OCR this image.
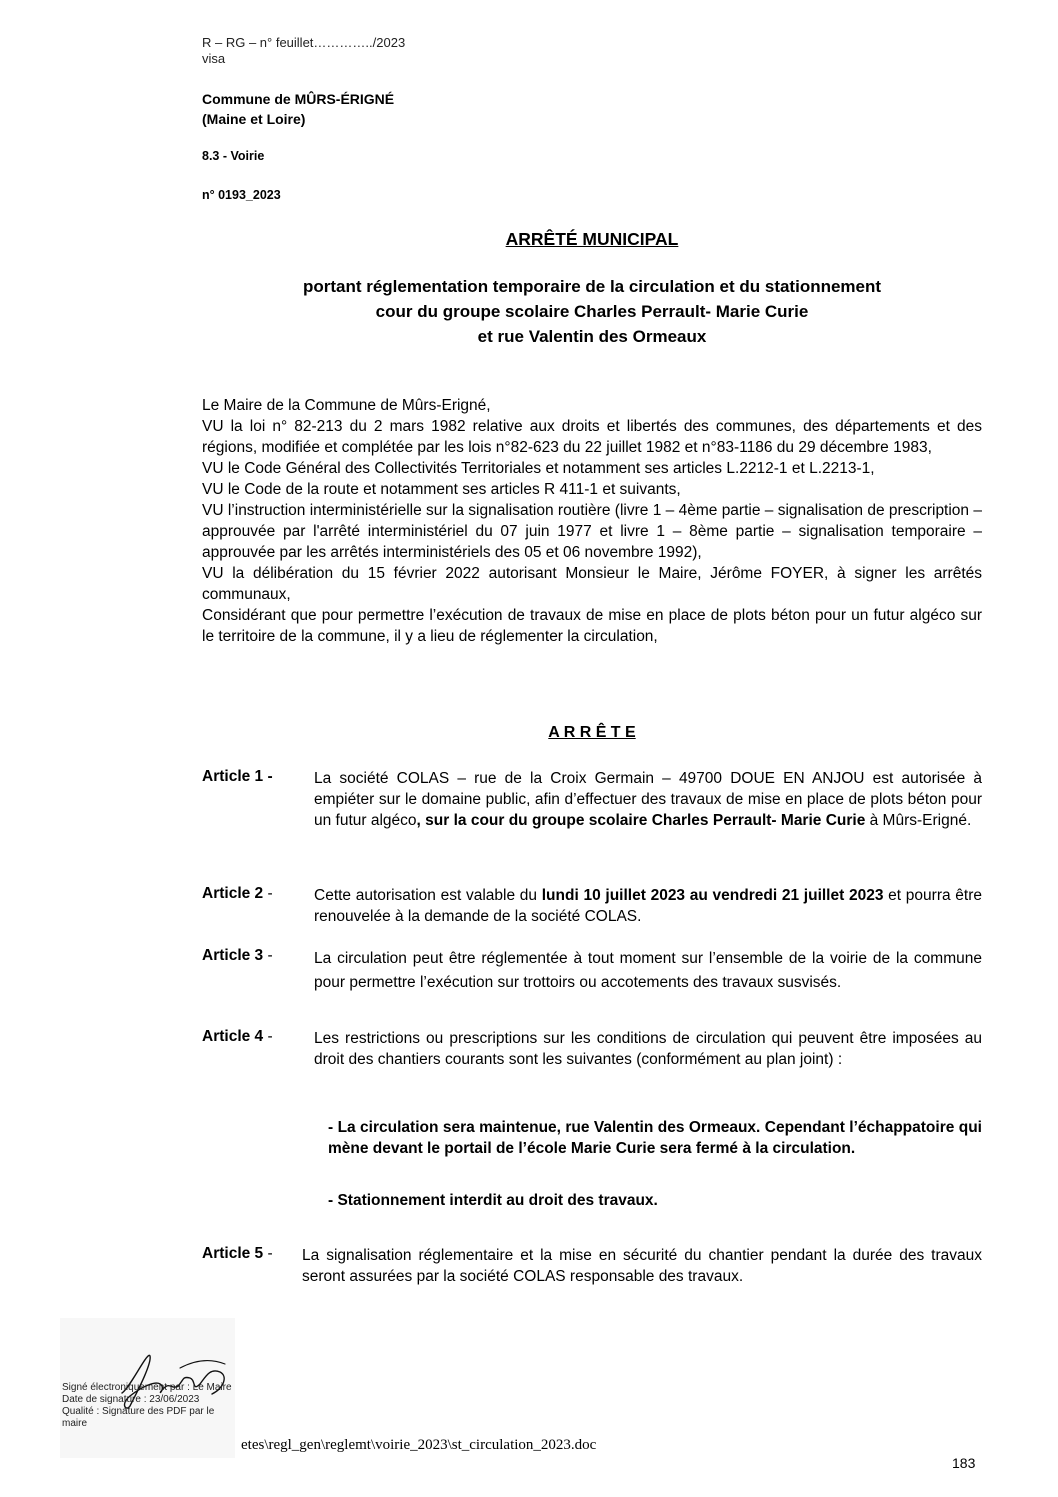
R – RG – n° feuillet…………../2023
visa
Commune de MÛRS-ÉRIGNÉ
(Maine et Loire)
8.3 - Voirie
n° 0193_2023
ARRÊTÉ MUNICIPAL
portant réglementation temporaire de la circulation et du stationnement
cour du groupe scolaire Charles Perrault- Marie Curie
et rue Valentin des Ormeaux
Le Maire de la Commune de Mûrs-Erigné,
VU la loi n° 82-213 du 2 mars 1982 relative aux droits et libertés des communes, des départements et des régions, modifiée et complétée par les lois n°82-623 du 22 juillet 1982 et n°83-1186 du 29 décembre 1983,
VU le Code Général des Collectivités Territoriales et notamment ses articles L.2212-1 et L.2213-1,
VU le Code de la route et notamment ses articles R 411-1 et suivants,
VU l’instruction interministérielle sur la signalisation routière (livre 1 – 4ème partie – signalisation de prescription – approuvée par l'arrêté interministériel du 07 juin 1977 et livre 1 – 8ème partie – signalisation temporaire – approuvée par les arrêtés interministériels des 05 et 06 novembre 1992),
VU la délibération du 15 février 2022 autorisant Monsieur le Maire, Jérôme FOYER, à signer les arrêtés communaux,
Considérant que pour permettre l’exécution de travaux de mise en place de plots béton pour un futur algéco sur le territoire de la commune, il y a lieu de réglementer la circulation,
A R R Ê T E
Article 1 -	La société COLAS – rue de la Croix Germain – 49700 DOUE EN ANJOU est autorisée à empiéter sur le domaine public, afin d’effectuer des travaux de mise en place de plots béton pour un futur algéco, sur la cour du groupe scolaire Charles Perrault- Marie Curie à Mûrs-Erigné.
Article 2 -	Cette autorisation est valable du lundi 10 juillet 2023 au vendredi 21 juillet 2023 et pourra être renouvelée à la demande de la société COLAS.
Article 3 -	La circulation peut être réglementée à tout moment sur l’ensemble de la voirie de la commune pour permettre l’exécution sur trottoirs ou accotements des travaux susvisés.
Article 4 -	Les restrictions ou prescriptions sur les conditions de circulation qui peuvent être imposées au droit des chantiers courants sont les suivantes (conformément au plan joint) :
- La circulation sera maintenue, rue Valentin des Ormeaux. Cependant l’échappatoire qui mène devant le portail de l’école Marie Curie sera fermé à la circulation.
- Stationnement interdit au droit des travaux.
Article 5 - La signalisation réglementaire et la mise en sécurité du chantier pendant la durée des travaux seront assurées par la société COLAS responsable des travaux.
Signé électroniquement par : Le Maire
Date de signature : 23/06/2023
Qualité : Signature des PDF par le maire
etes\regl_gen\reglemt\voirie_2023\st_circulation_2023.doc
183
